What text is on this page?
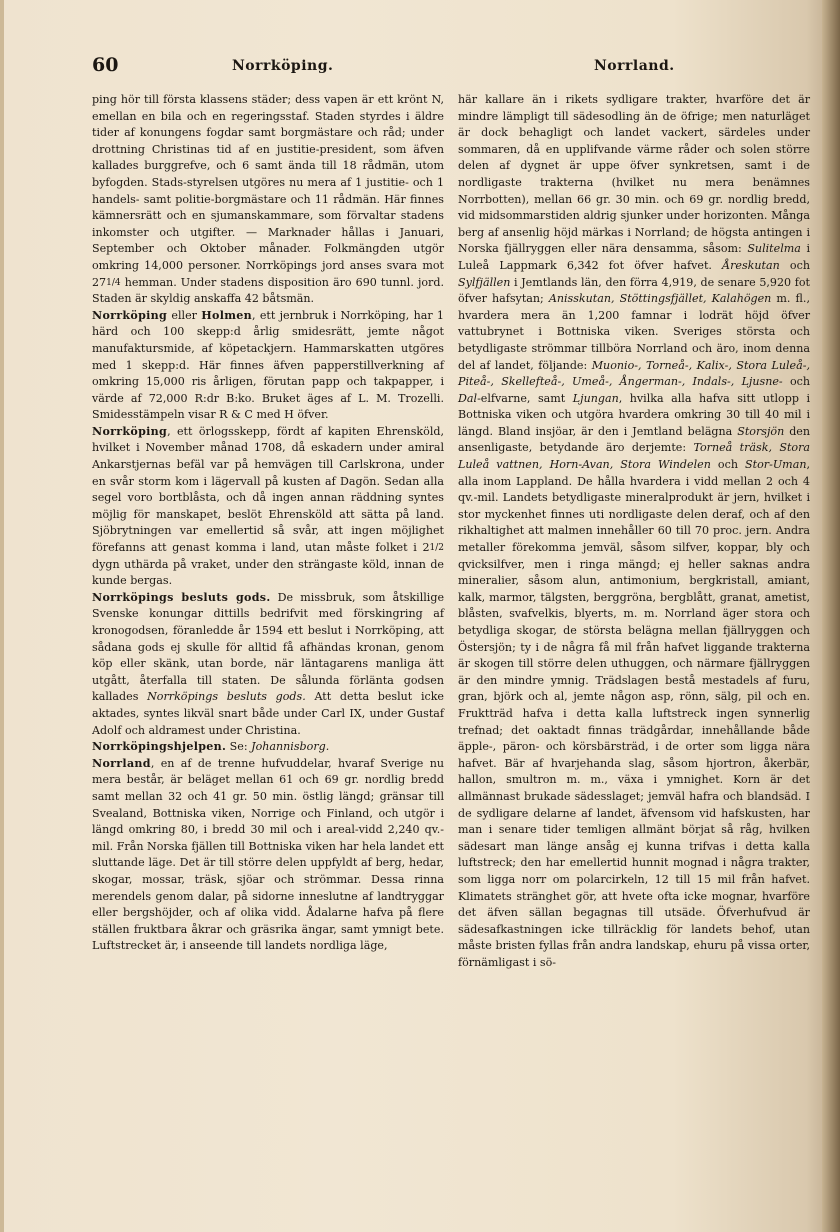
60	Norrköping.	Norrland.

ping hör till första klassens städer; dess vapen är ett krönt N, emellan en bila och en regeringsstaf. Staden styrdes i äldre tider af konungens fogdar samt borgmästare och råd; under drottning Christinas tid af en justitie-president, som äfven kallades burggrefve, och 6 samt ända till 18 rådmän, utom byfogden. Stads-styrelsen utgöres nu mera af 1 justitie- och 1 handels- samt politie-borgmästare och 11 rådmän. Här finnes kämnersrätt och en sjumanskammare, som förvaltar stadens inkomster och utgifter. — Marknader hållas i Januari, September och Oktober månader. Folkmängden utgör omkring 14,000 personer. Norrköpings jord anses svara mot 271/4 hemman. Under stadens disposition äro 690 tunnl. jord. Staden är skyldig anskaffa 42 båtsmän.

Norrköping eller Holmen, ett jernbruk i Norrköping, har 1 härd och 100 skepp:d årlig smidesrätt, jemte något manufaktursmide, af köpetackjern. Hammarskatten utgöres med 1 skepp:d. Här finnes äfven papperstillverkning af omkring 15,000 ris årligen, förutan papp och takpapper, i värde af 72,000 R:dr B:ko. Bruket äges af L. M. Trozelli. Smidesstämpeln visar R & C med H öfver.

Norrköping, ett örlogsskepp, fördt af kapiten Ehrensköld, hvilket i November månad 1708, då eskadern under amiral Ankarstjernas befäl var på hemvägen till Carlskrona, under en svår storm kom i lägervall på kusten af Dagön. Sedan alla segel voro bortblåsta, och då ingen annan räddning syntes möjlig för manskapet, beslöt Ehrensköld att sätta på land. Sjöbrytningen var emellertid så svår, att ingen möjlighet förefanns att genast komma i land, utan måste folket i 21/2 dygn uthärda på vraket, under den strängaste köld, innan de kunde bergas.

Norrköpings besluts gods. De missbruk, som åtskillige Svenske konungar dittills bedrifvit med förskingring af kronogodsen, föranledde år 1594 ett beslut i Norrköping, att sådana gods ej skulle för alltid få afhändas kronan, genom köp eller skänk, utan borde, när läntagarens manliga ätt utgått, återfalla till staten. De sålunda förlänta godsen kallades Norrköpings besluts gods. Att detta beslut icke aktades, syntes likväl snart både under Carl IX, under Gustaf Adolf och aldramest under Christina.

Norrköpingshjelpen. Se: Johannisborg.

Norrland, en af de trenne hufvuddelar, hvaraf Sverige nu mera består, är beläget mellan 61 och 69 gr. nordlig bredd samt mellan 32 och 41 gr. 50 min. östlig längd; gränsar till Svealand, Bottniska viken, Norrige och Finland, och utgör i längd omkring 80, i bredd 30 mil och i areal-vidd 2,240 qv.-mil. Från Norska fjällen till Bottniska viken har hela landet ett sluttande läge. Det är till större delen uppfyldt af berg, hedar, skogar, mossar, träsk, sjöar och strömmar. Dessa rinna merendels genom dalar, på sidorne inneslutne af landtryggar eller bergshöjder, och af olika vidd. Ådalarne hafva på flere ställen fruktbara åkrar och gräsrika ängar, samt ymnigt bete. Luftstrecket är, i anseende till landets nordliga läge,

här kallare än i rikets sydligare trakter, hvarföre det är mindre lämpligt till sädesodling än de öfrige; men naturläget är dock behagligt och landet vackert, särdeles under sommaren, då en upplifvande värme råder och solen större delen af dygnet är uppe öfver synkretsen, samt i de nordligaste trakterna (hvilket nu mera benämnes Norrbotten), mellan 66 gr. 30 min. och 69 gr. nordlig bredd, vid midsommarstiden aldrig sjunker under horizonten. Många berg af ansenlig höjd märkas i Norrland; de högsta antingen i Norska fjällryggen eller nära densamma, såsom: Sulitelma i Luleå Lappmark 6,342 fot öfver hafvet. Åreskutan och Sylfjällen i Jemtlands län, den förra 4,919, de senare 5,920 fot öfver hafsytan; Anisskutan, Stöttingsfjället, Kalahögen m. fl., hvardera mera än 1,200 famnar i lodrät höjd öfver vattubrynet i Bottniska viken. Sveriges största och betydligaste strömmar tillböra Norrland och äro, inom denna del af landet, följande: Muonio-, Torneå-, Kalix-, Stora Luleå-, Piteå-, Skellefteå-, Umeå-, Ångerman-, Indals-, Ljusne- och Dal-elfvarne, samt Ljungan, hvilka alla hafva sitt utlopp i Bottniska viken och utgöra hvardera omkring 30 till 40 mil i längd. Bland insjöar, är den i Jemtland belägna Storsjön den ansenligaste, betydande äro derjemte: Torneå träsk, Stora Luleå vattnen, Horn-Avan, Stora Windelen och Stor-Uman, alla inom Lappland. De hålla hvardera i vidd mellan 2 och 4 qv.-mil. Landets betydligaste mineralprodukt är jern, hvilket i stor myckenhet finnes uti nordligaste delen deraf, och af den rikhaltighet att malmen innehåller 60 till 70 proc. jern. Andra metaller förekomma jemväl, såsom silfver, koppar, bly och qvicksilfver, men i ringa mängd; ej heller saknas andra mineralier, såsom alun, antimonium, bergkristall, amiant, kalk, marmor, tälgsten, berggröna, bergblått, granat, ametist, blåsten, svafvelkis, blyerts, m. m. Norrland äger stora och betydliga skogar, de största belägna mellan fjällryggen och Östersjön; ty i de några få mil från hafvet liggande trakterna är skogen till större delen uthuggen, och närmare fjällryggen är den mindre ymnig. Trädslagen bestå mestadels af furu, gran, björk och al, jemte någon asp, rönn, sälg, pil och en. Fruktträd hafva i detta kalla luftstreck ingen synnerlig trefnad; det oaktadt finnas trädgårdar, innehållande både äpple-, päron- och körsbärsträd, i de orter som ligga nära hafvet. Bär af hvarjehanda slag, såsom hjortron, åkerbär, hallon, smultron m. m., växa i ymnighet. Korn är det allmännast brukade sädesslaget; jemväl hafra och blandsäd. I de sydligare delarne af landet, äfvensom vid hafskusten, har man i senare tider temligen allmänt börjat så råg, hvilken sädesart man länge ansåg ej kunna trifvas i detta kalla luftstreck; den har emellertid hunnit mognad i några trakter, som ligga norr om polarcirkeln, 12 till 15 mil från hafvet. Klimatets stränghet gör, att hvete ofta icke mognar, hvarföre det äfven sällan begagnas till utsäde. Öfverhufvud är sädesafkastningen icke tillräcklig för landets behof, utan måste bristen fyllas från andra landskap, ehuru på vissa orter, förnämligast i sö-
